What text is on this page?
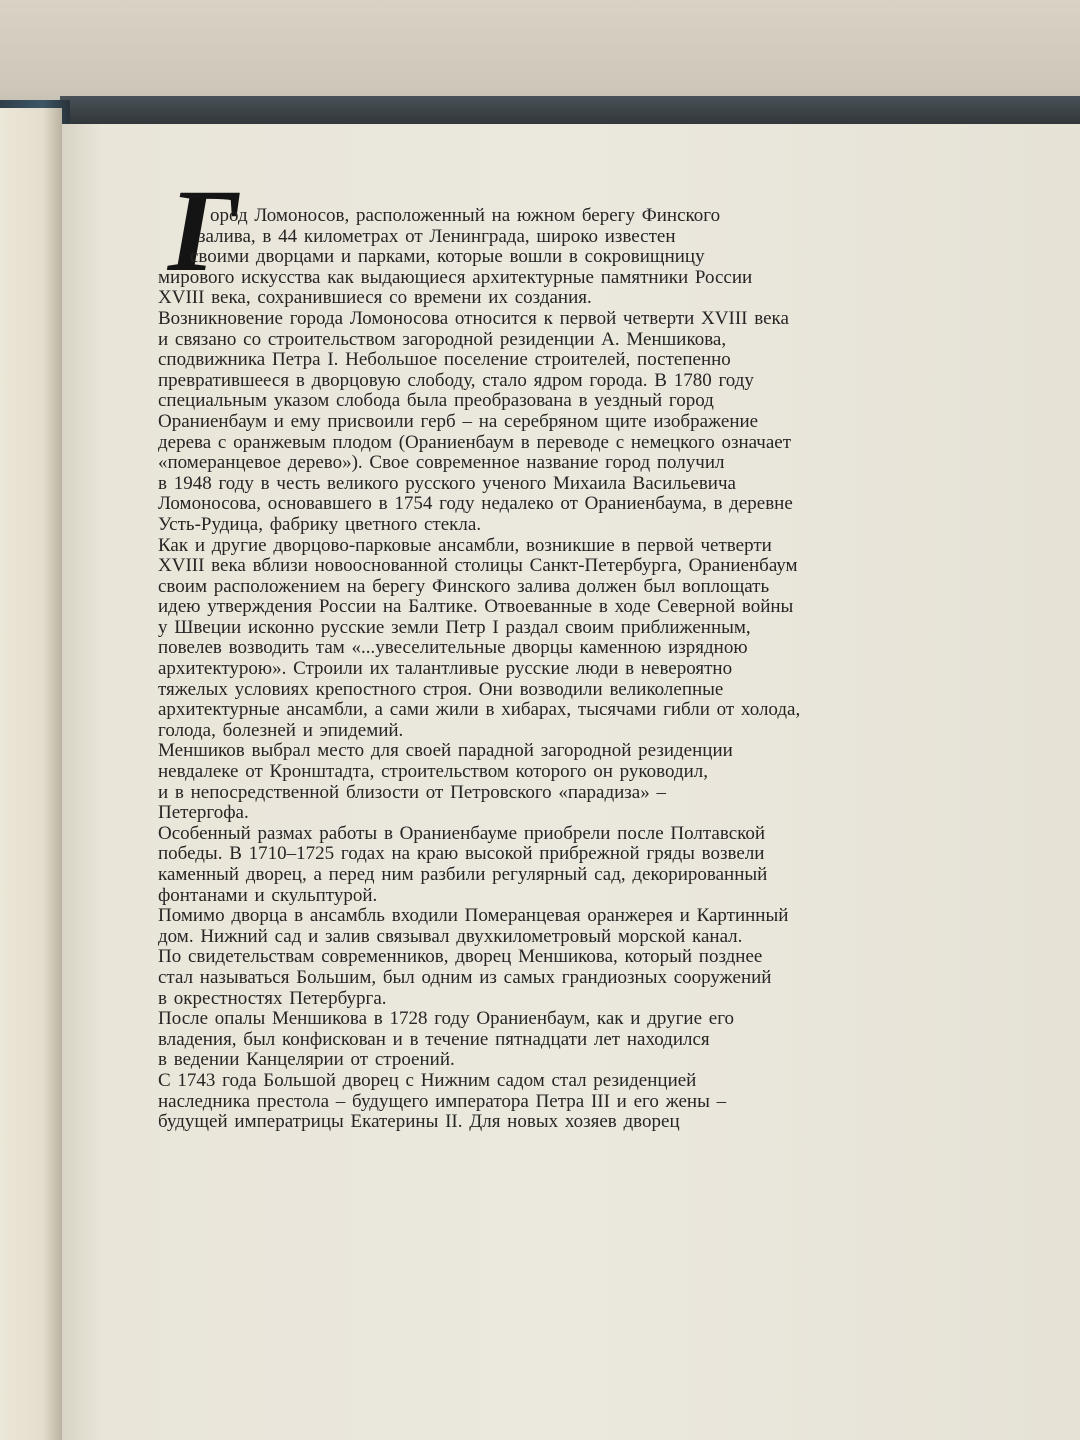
Г
ород Ломоносов, расположенный на южном берегу Финского
залива, в 44 километрах от Ленинграда, широко известен
своими дворцами и парками, которые вошли в сокровищницу
мирового искусства как выдающиеся архитектурные памятники России
XVIII века, сохранившиеся со времени их создания.
Возникновение города Ломоносова относится к первой четверти XVIII века
и связано со строительством загородной резиденции А. Меншикова,
сподвижника Петра I. Небольшое поселение строителей, постепенно
превратившееся в дворцовую слободу, стало ядром города. В 1780 году
специальным указом слобода была преобразована в уездный город
Ораниенбаум и ему присвоили герб – на серебряном щите изображение
дерева с оранжевым плодом (Ораниенбаум в переводе с немецкого означает
«померанцевое дерево»). Свое современное название город получил
в 1948 году в честь великого русского ученого Михаила Васильевича
Ломоносова, основавшего в 1754 году недалеко от Ораниенбаума, в деревне
Усть-Рудица, фабрику цветного стекла.
Как и другие дворцово-парковые ансамбли, возникшие в первой четверти
XVIII века вблизи новооснованной столицы Санкт-Петербурга, Ораниенбаум
своим расположением на берегу Финского залива должен был воплощать
идею утверждения России на Балтике. Отвоеванные в ходе Северной войны
у Швеции исконно русские земли Петр I раздал своим приближенным,
повелев возводить там «...увеселительные дворцы каменною изрядною
архитектурою». Строили их талантливые русские люди в невероятно
тяжелых условиях крепостного строя. Они возводили великолепные
архитектурные ансамбли, а сами жили в хибарах, тысячами гибли от холода,
голода, болезней и эпидемий.
Меншиков выбрал место для своей парадной загородной резиденции
невдалеке от Кронштадта, строительством которого он руководил,
и в непосредственной близости от Петровского «парадиза» –
Петергофа.
Особенный размах работы в Ораниенбауме приобрели после Полтавской
победы. В 1710–1725 годах на краю высокой прибрежной гряды возвели
каменный дворец, а перед ним разбили регулярный сад, декорированный
фонтанами и скульптурой.
Помимо дворца в ансамбль входили Померанцевая оранжерея и Картинный
дом. Нижний сад и залив связывал двухкилометровый морской канал.
По свидетельствам современников, дворец Меншикова, который позднее
стал называться Большим, был одним из самых грандиозных сооружений
в окрестностях Петербурга.
После опалы Меншикова в 1728 году Ораниенбаум, как и другие его
владения, был конфискован и в течение пятнадцати лет находился
в ведении Канцелярии от строений.
С 1743 года Большой дворец с Нижним садом стал резиденцией
наследника престола – будущего императора Петра III и его жены –
будущей императрицы Екатерины II. Для новых хозяев дворец
